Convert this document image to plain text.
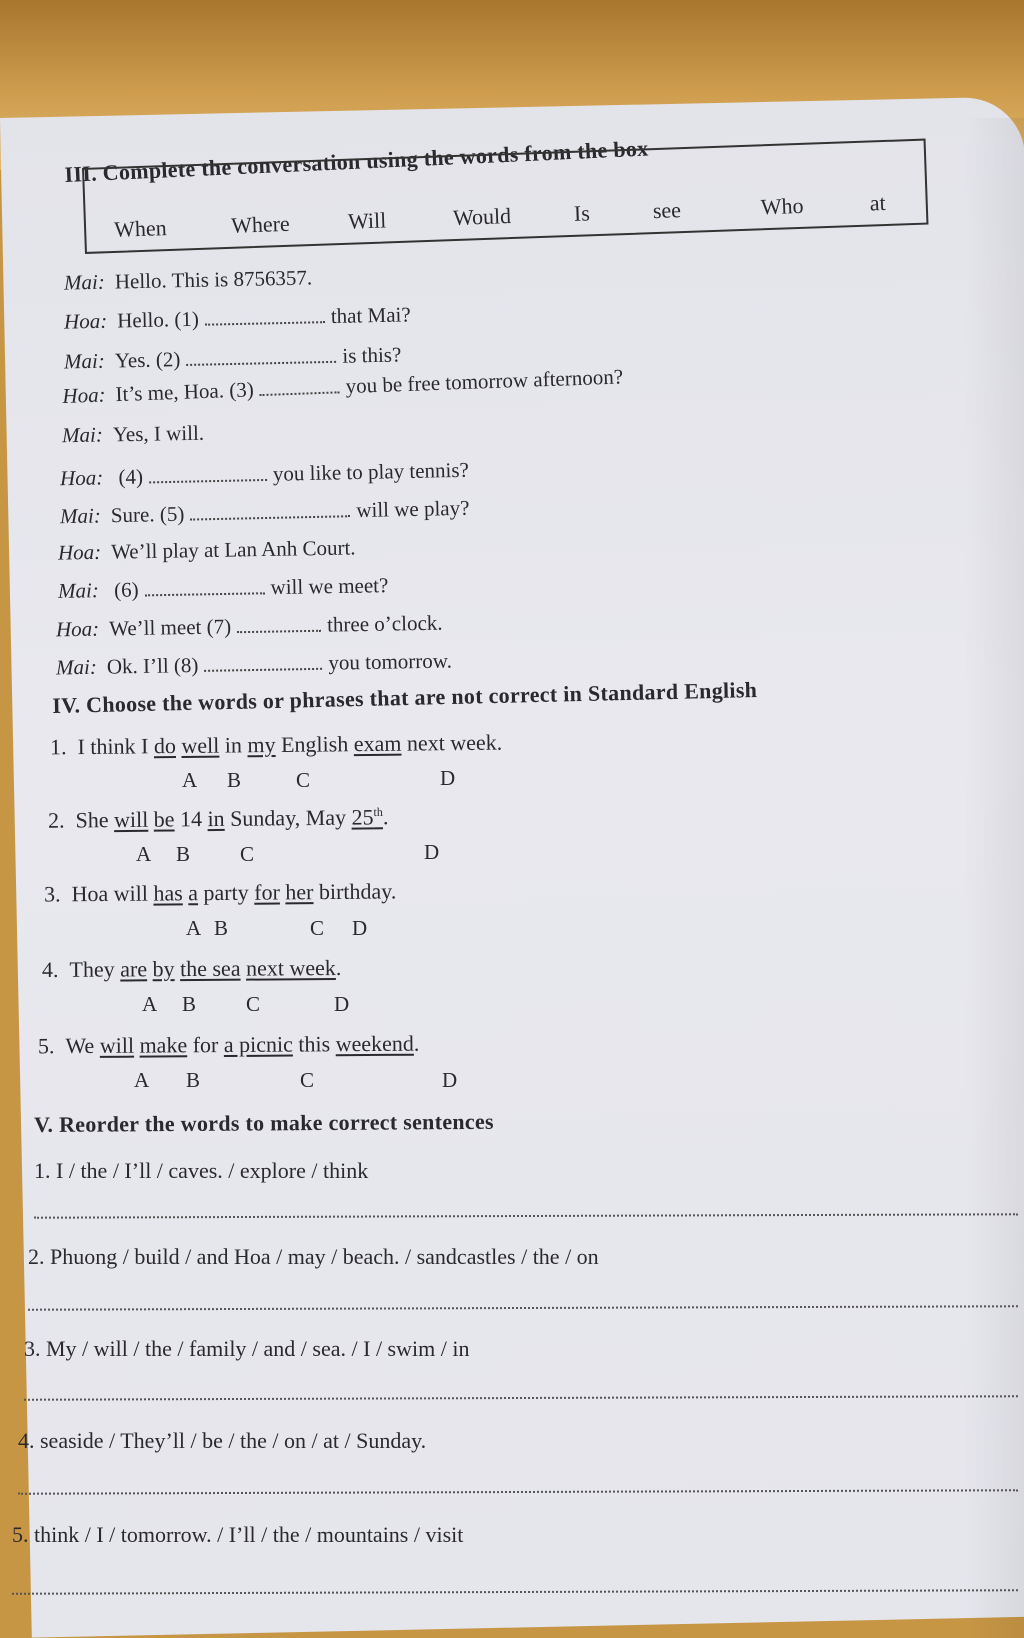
III. Complete the conversation using the words from the box
When	Where	Will	Would	Is	see	Who	at
Mai: Hello. This is 8756357.
Hoa: Hello. (1)	that Mai?
Mai: Yes. (2)	is this?
Hoa: It’s me, Hoa. (3)	you be free tomorrow afternoon?
Mai: Yes, I will.
Hoa: (4)	you like to play tennis?
Mai: Sure. (5)	will we play?
Hoa: We’ll play at Lan Anh Court.
Mai: (6)	will we meet?
Hoa: We’ll meet (7)	three o’clock.
Mai: Ok. I’ll (8)	you tomorrow.
IV. Choose the words or phrases that are not correct in Standard English
1. I think I do well in my English exam next week.
A B	C	D
2. She will be 14 in Sunday, May 25th.
A B C	D
3. Hoa will has a party for her birthday.
A B	C D
4. They are by the sea next week.
A B C	D
5. We will make for a picnic this weekend.
A B	C	D
V. Reorder the words to make correct sentences
1. I / the / I’ll / caves. / explore / think
2. Phuong / build / and Hoa / may / beach. / sandcastles / the / on
3. My / will / the / family / and / sea. / I / swim / in
4. seaside / They’ll / be / the / on / at / Sunday.
5. think / I / tomorrow. / I’ll / the / mountains / visit
